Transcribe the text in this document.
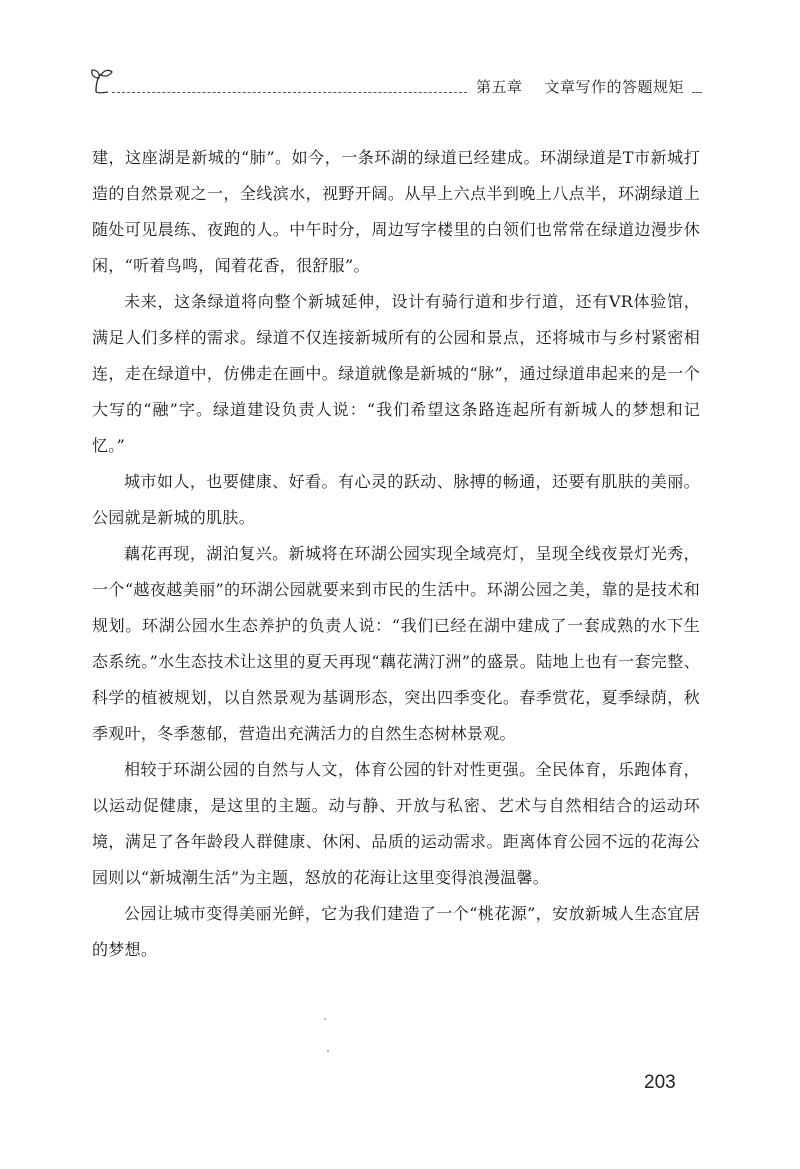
第五章 文章写作的答题规矩

建，这座湖是新城的“肺”。如今，一条环湖的绿道已经建成。环湖绿道是T市新城打造的自然景观之一，全线滨水，视野开阔。从早上六点半到晚上八点半，环湖绿道上随处可见晨练、夜跑的人。中午时分，周边写字楼里的白领们也常常在绿道边漫步休闲，“听着鸟鸣，闻着花香，很舒服”。

未来，这条绿道将向整个新城延伸，设计有骑行道和步行道，还有VR体验馆，满足人们多样的需求。绿道不仅连接新城所有的公园和景点，还将城市与乡村紧密相连，走在绿道中，仿佛走在画中。绿道就像是新城的“脉”，通过绿道串起来的是一个大写的“融”字。绿道建设负责人说：“我们希望这条路连起所有新城人的梦想和记忆。”

城市如人，也要健康、好看。有心灵的跃动、脉搏的畅通，还要有肌肤的美丽。公园就是新城的肌肤。

藕花再现，湖泊复兴。新城将在环湖公园实现全域亮灯，呈现全线夜景灯光秀，一个“越夜越美丽”的环湖公园就要来到市民的生活中。环湖公园之美，靠的是技术和规划。环湖公园水生态养护的负责人说：“我们已经在湖中建成了一套成熟的水下生态系统。”水生态技术让这里的夏天再现“藕花满汀洲”的盛景。陆地上也有一套完整、科学的植被规划，以自然景观为基调形态，突出四季变化。春季赏花，夏季绿荫，秋季观叶，冬季葱郁，营造出充满活力的自然生态树林景观。

相较于环湖公园的自然与人文，体育公园的针对性更强。全民体育，乐跑体育，以运动促健康，是这里的主题。动与静、开放与私密、艺术与自然相结合的运动环境，满足了各年龄段人群健康、休闲、品质的运动需求。距离体育公园不远的花海公园则以“新城潮生活”为主题，怒放的花海让这里变得浪漫温馨。

公园让城市变得美丽光鲜，它为我们建造了一个“桃花源”，安放新城人生态宜居的梦想。

203
